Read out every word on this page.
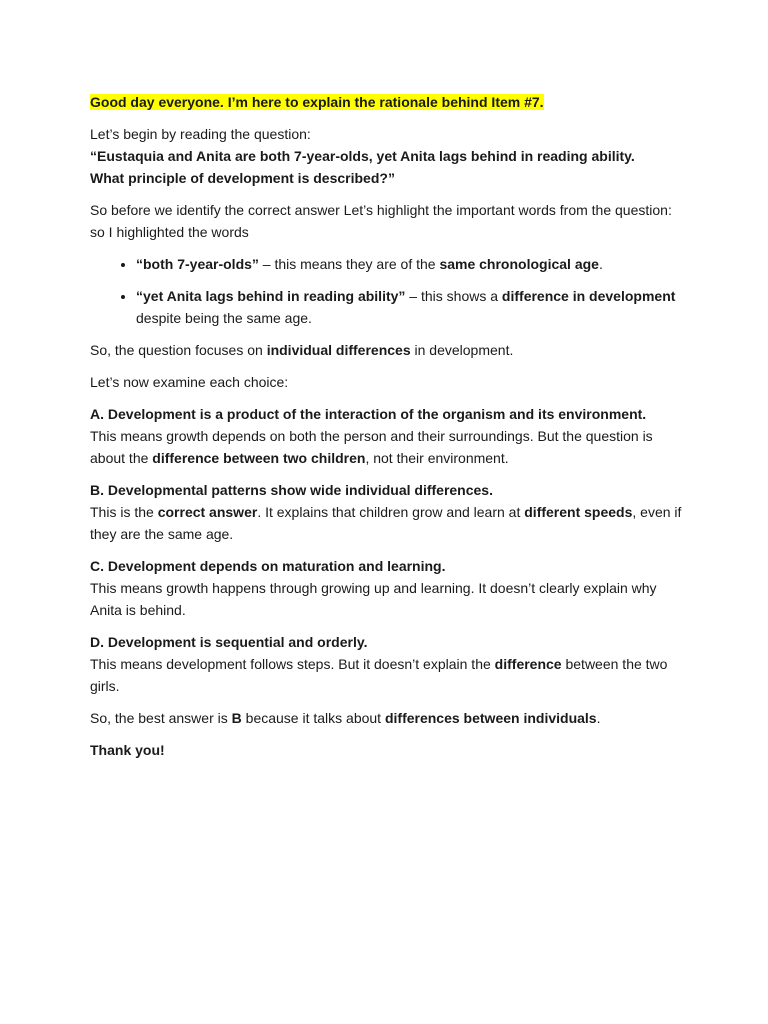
Good day everyone. I’m here to explain the rationale behind Item #7.

Let’s begin by reading the question:
“Eustaquia and Anita are both 7-year-olds, yet Anita lags behind in reading ability.
What principle of development is described?”

So before we identify the correct answer Let’s highlight the important words from the question: so I highlighted the words

• “both 7-year-olds” – this means they are of the same chronological age.
• “yet Anita lags behind in reading ability” – this shows a difference in development despite being the same age.

So, the question focuses on individual differences in development.

Let’s now examine each choice:

A. Development is a product of the interaction of the organism and its environment.
This means growth depends on both the person and their surroundings. But the question is about the difference between two children, not their environment.

B. Developmental patterns show wide individual differences.
This is the correct answer. It explains that children grow and learn at different speeds, even if they are the same age.

C. Development depends on maturation and learning.
This means growth happens through growing up and learning. It doesn’t clearly explain why Anita is behind.

D. Development is sequential and orderly.
This means development follows steps. But it doesn’t explain the difference between the two girls.

So, the best answer is B because it talks about differences between individuals.

Thank you!
